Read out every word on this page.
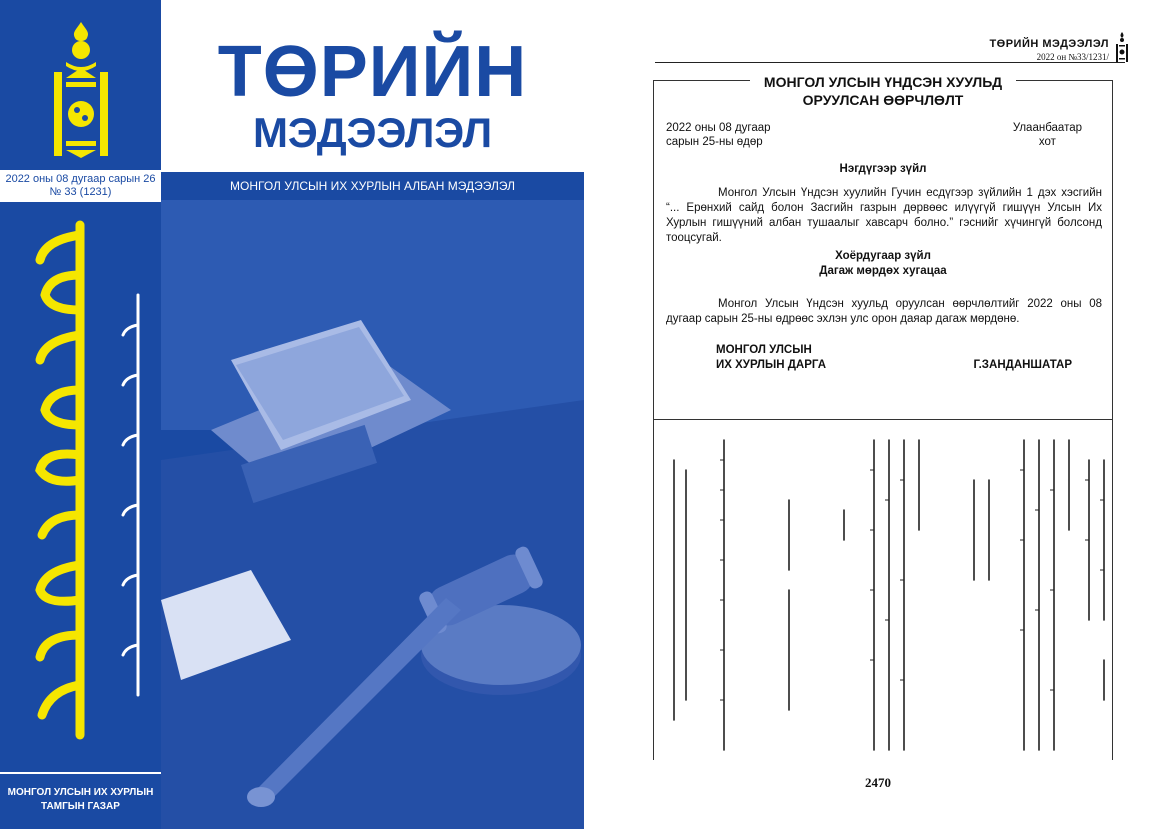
2022 оны 08 дугаар сарын 26
№ 33 (1231)
МОНГОЛ УЛСЫН ИХ ХУРЛЫН
ТАМГЫН ГАЗАР
ТӨРИЙН
МЭДЭЭЛЭЛ
МОНГОЛ УЛСЫН ИХ ХУРЛЫН АЛБАН МЭДЭЭЛЭЛ
ТӨРИЙН МЭДЭЭЛЭЛ
2022 он №33/1231/
МОНГОЛ УЛСЫН ҮНДСЭН ХУУЛЬД
ОРУУЛСАН ӨӨРЧЛӨЛТ
2022 оны 08 дугаар
сарын 25-ны өдөр
Улаанбаатар
хот
Нэгдүгээр зүйл

Монгол Улсын Үндсэн хуулийн Гучин есдүгээр зүйлийн 1 дэх хэсгийн “... Ерөнхий сайд болон Засгийн газрын дөрвөөс илүүгүй гишүүн Улсын Их Хурлын гишүүний албан тушаалыг хавсарч болно.” гэснийг хүчингүй болсонд тооцсугай.

Хоёрдугаар зүйл
Дагаж мөрдөх хугацаа

Монгол Улсын Үндсэн хуульд оруулсан өөрчлөлтийг 2022 оны 08 дугаар сарын 25-ны өдрөөс эхлэн улс орон даяар дагаж мөрдөнө.

МОНГОЛ УЛСЫН
ИХ ХУРЛЫН ДАРГА	Г.ЗАНДАНШАТАР
2470
